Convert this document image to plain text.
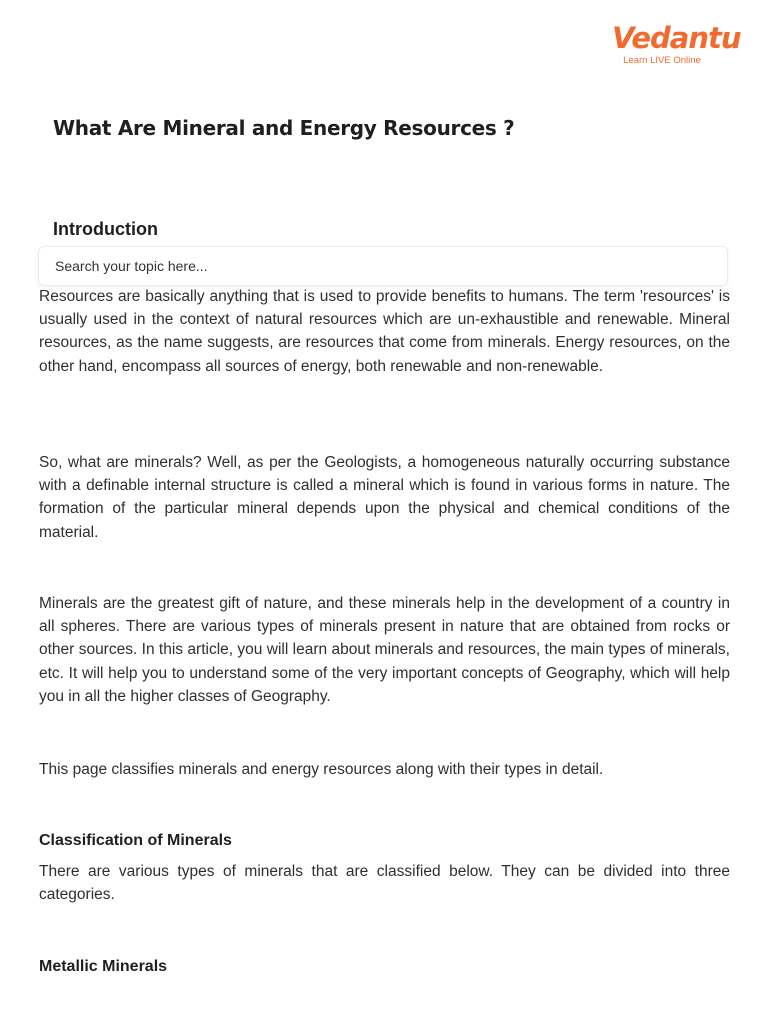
Vedantu
Learn LIVE Online
What Are Mineral and Energy Resources ?
Introduction
Search your topic here...

Resources are basically anything that is used to provide benefits to humans. The term 'resources' is usually used in the context of natural resources which are un-exhaustible and renewable. Mineral resources, as the name suggests, are resources that come from minerals. Energy resources, on the other hand, encompass all sources of energy, both renewable and non-renewable.

So, what are minerals? Well, as per the Geologists, a homogeneous naturally occurring substance with a definable internal structure is called a mineral which is found in various forms in nature. The formation of the particular mineral depends upon the physical and chemical conditions of the material.

Minerals are the greatest gift of nature, and these minerals help in the development of a country in all spheres. There are various types of minerals present in nature that are obtained from rocks or other sources. In this article, you will learn about minerals and resources, the main types of minerals, etc. It will help you to understand some of the very important concepts of Geography, which will help you in all the higher classes of Geography.

This page classifies minerals and energy resources along with their types in detail.

Classification of Minerals

There are various types of minerals that are classified below. They can be divided into three categories.

Metallic Minerals
